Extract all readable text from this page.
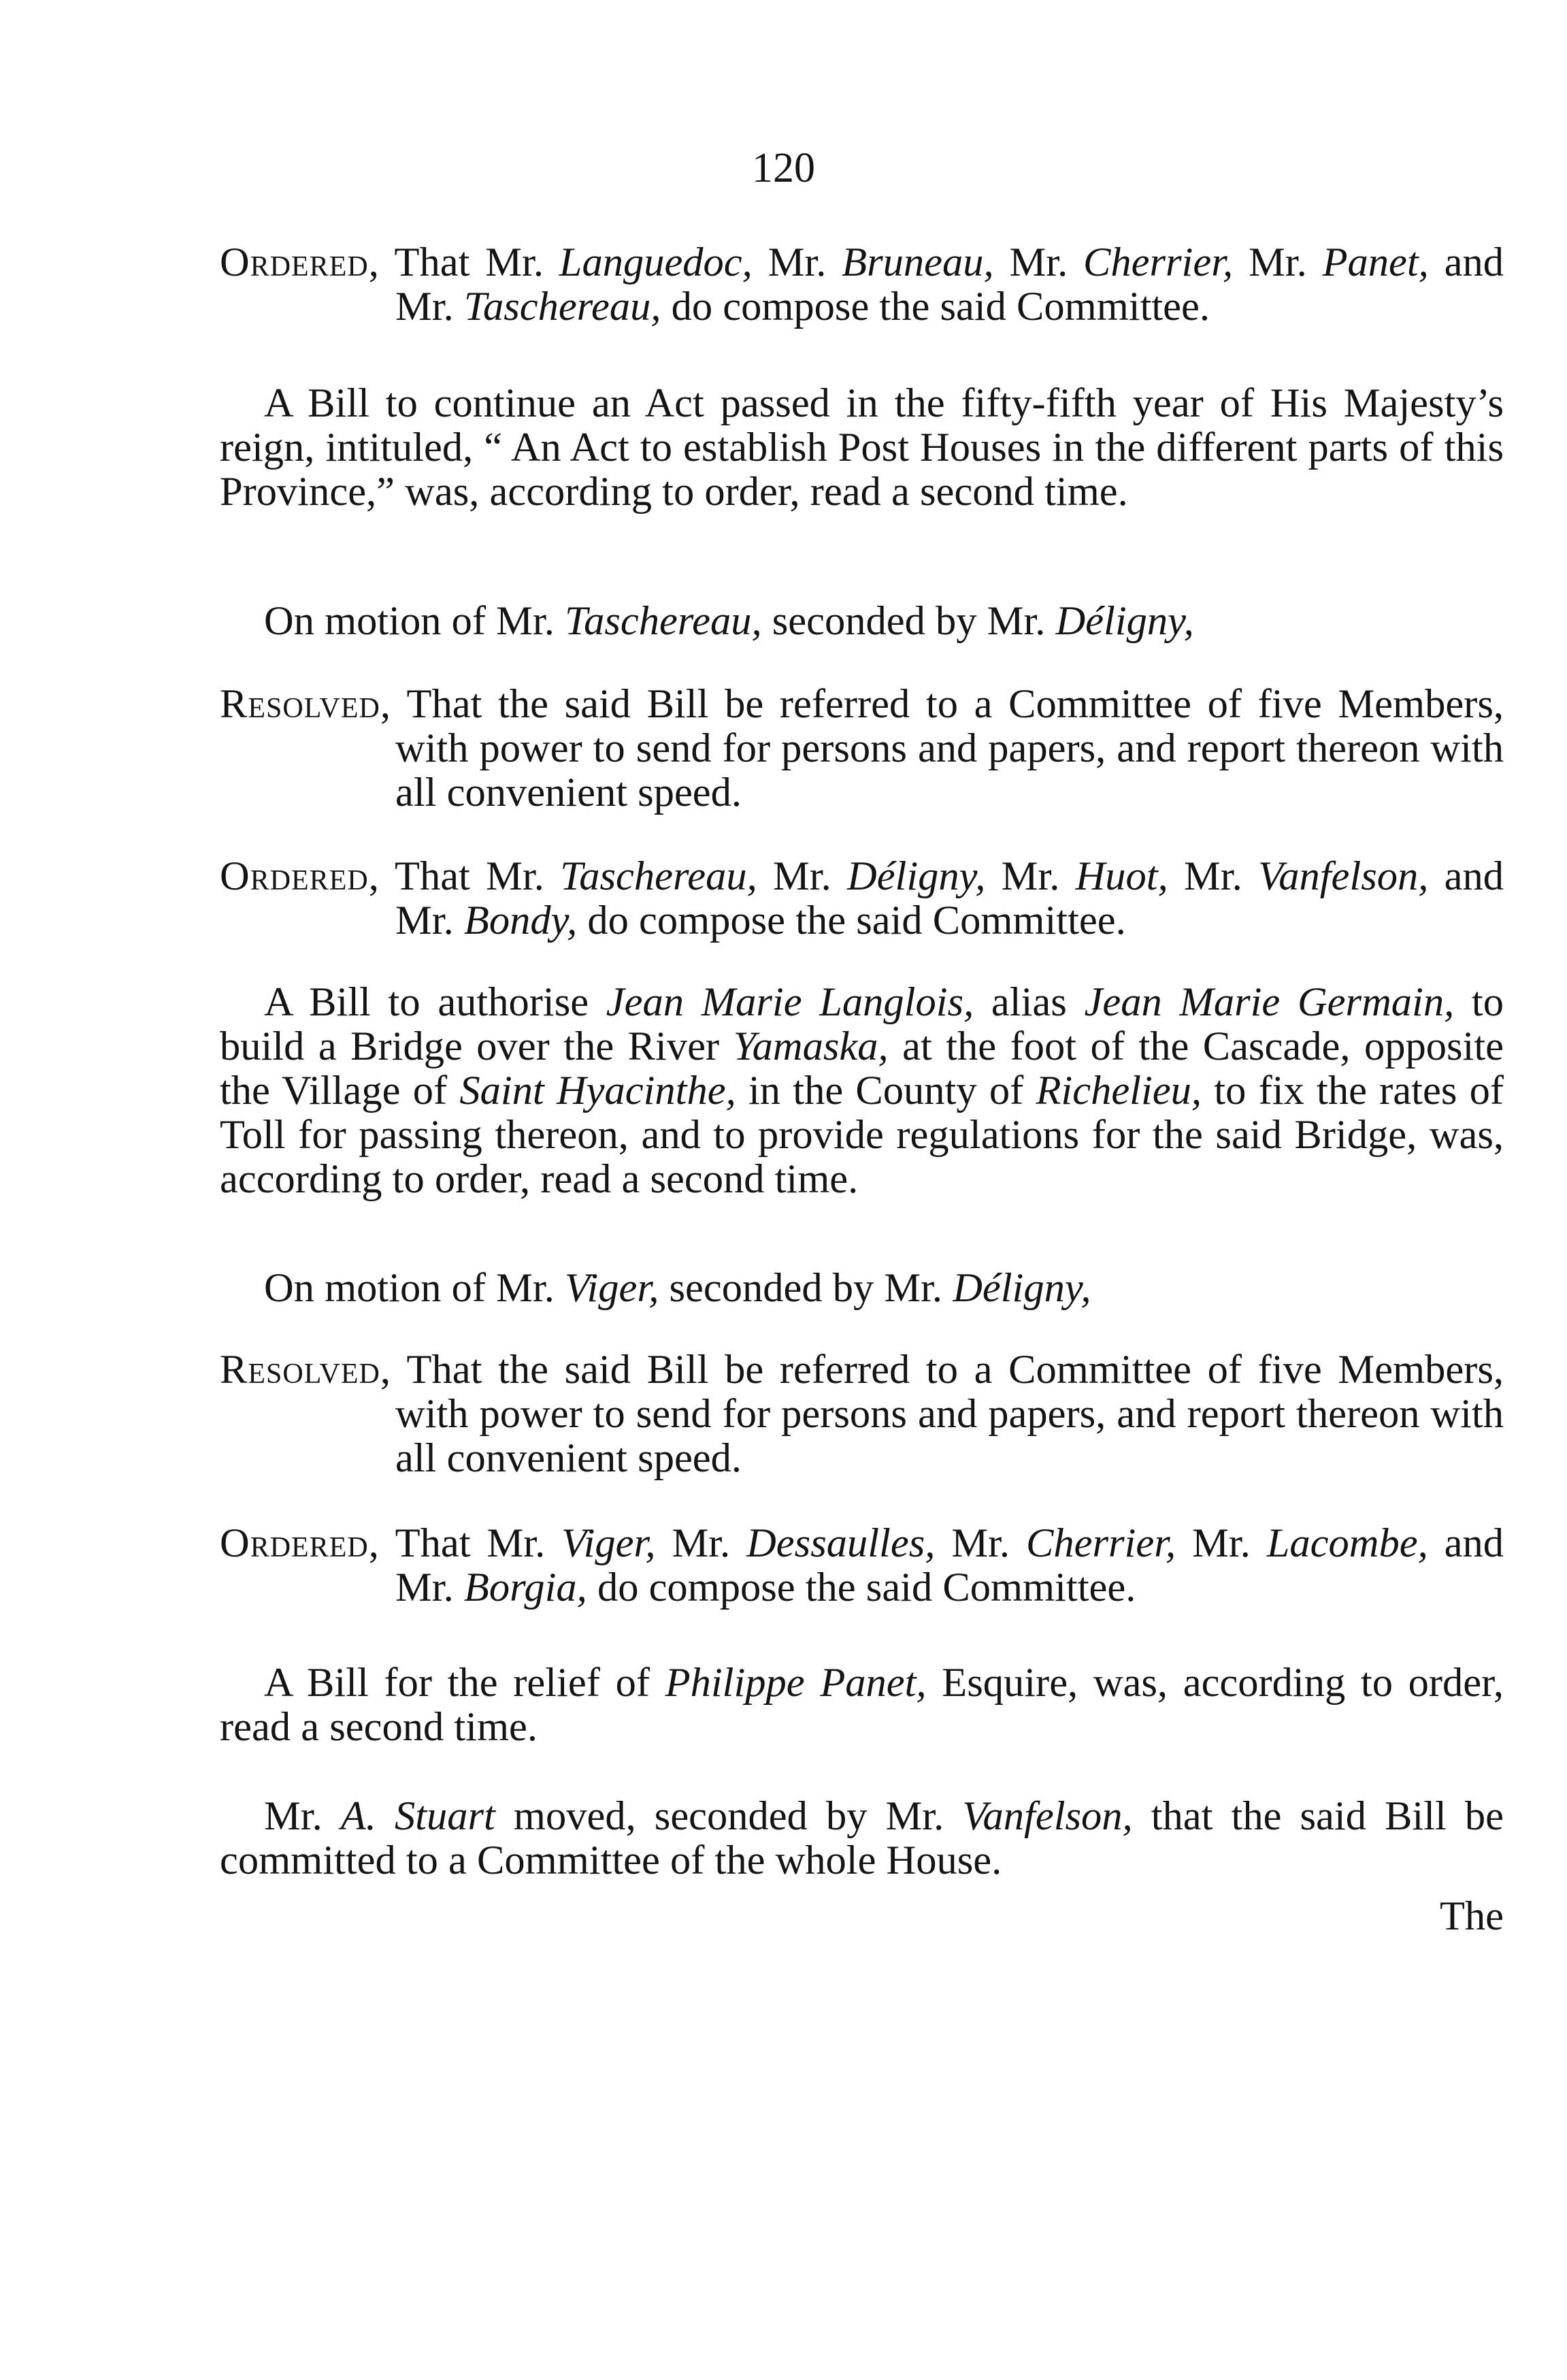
120

Ordered, That Mr. Languedoc, Mr. Bruneau, Mr. Cherrier, Mr. Panet, and Mr. Taschereau, do compose the said Committee.

A Bill to continue an Act passed in the fifty-fifth year of His Majesty’s reign, intituled, “ An Act to establish Post Houses in the different parts of this Province,” was, according to order, read a second time.

On motion of Mr. Taschereau, seconded by Mr. Déligny,

Resolved, That the said Bill be referred to a Committee of five Members, with power to send for persons and papers, and report thereon with all convenient speed.

Ordered, That Mr. Taschereau, Mr. Déligny, Mr. Huot, Mr. Vanfelson, and Mr. Bondy, do compose the said Committee.

A Bill to authorise Jean Marie Langlois, alias Jean Marie Germain, to build a Bridge over the River Yamaska, at the foot of the Cascade, opposite the Village of Saint Hyacinthe, in the County of Richelieu, to fix the rates of Toll for passing thereon, and to provide regulations for the said Bridge, was, according to order, read a second time.

On motion of Mr. Viger, seconded by Mr. Déligny,

Resolved, That the said Bill be referred to a Committee of five Members, with power to send for persons and papers, and report thereon with all convenient speed.

Ordered, That Mr. Viger, Mr. Dessaulles, Mr. Cherrier, Mr. Lacombe, and Mr. Borgia, do compose the said Committee.

A Bill for the relief of Philippe Panet, Esquire, was, according to order, read a second time.

Mr. A. Stuart moved, seconded by Mr. Vanfelson, that the said Bill be committed to a Committee of the whole House.

The
